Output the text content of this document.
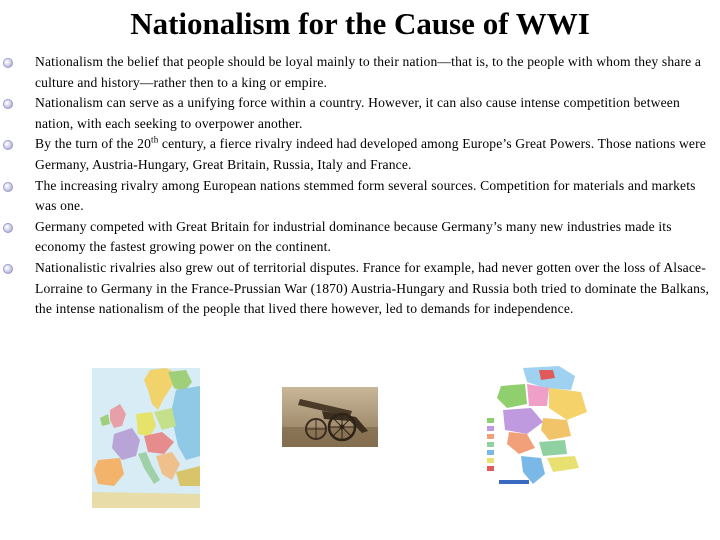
Nationalism for the Cause of WWI
Nationalism the belief that people should be loyal mainly to their nation—that is, to the people with whom they share a culture and history—rather then to a king or empire.
Nationalism can serve as a unifying force within a country. However, it can also cause intense competition between nation, with each seeking to overpower another.
By the turn of the 20th century, a fierce rivalry indeed had developed among Europe’s Great Powers. Those nations were Germany, Austria-Hungary, Great Britain, Russia, Italy and France.
The increasing rivalry among European nations stemmed form several sources. Competition for materials and markets was one.
Germany competed with Great Britain for industrial dominance because Germany’s many new industries made its economy the fastest growing power on the continent.
Nationalistic rivalries also grew out of territorial disputes. France for example, had never gotten over the loss of Alsace-Lorraine to Germany in the France-Prussian War (1870) Austria-Hungary and Russia both tried to dominate the Balkans, the intense nationalism of the people that lived there however, led to demands for independence.
